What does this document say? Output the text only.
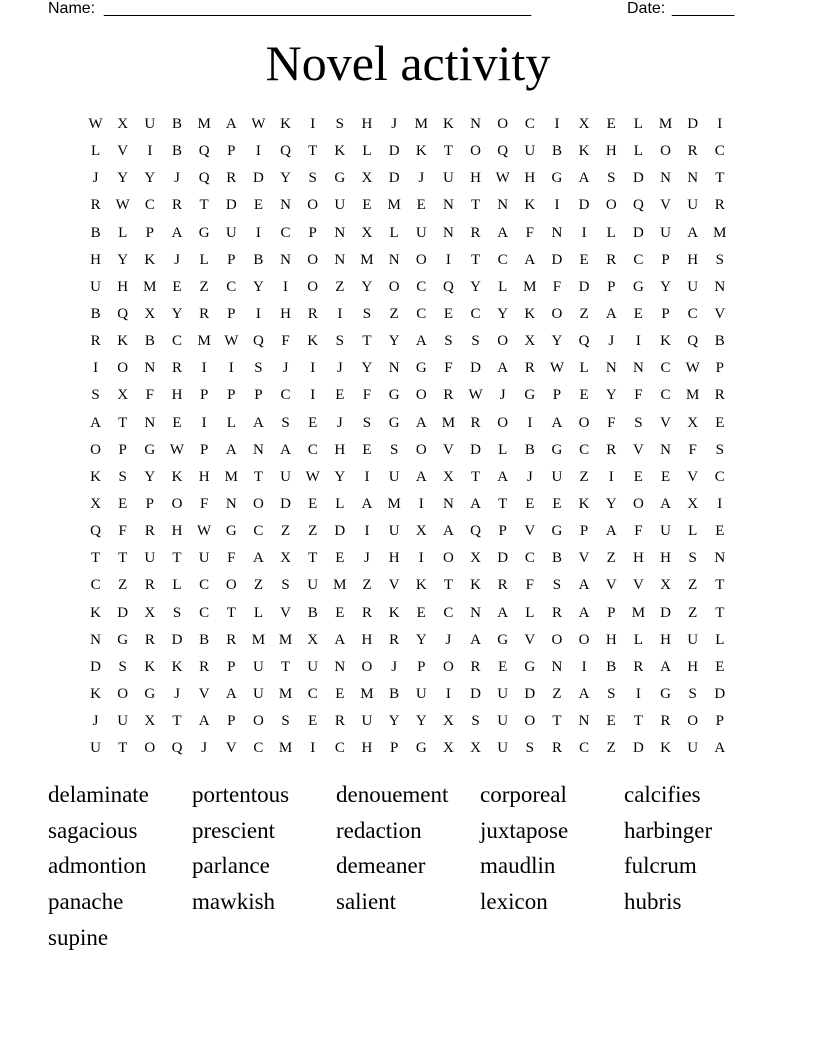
Name: ________________________________________________	Date: _______
Novel activity
W X	U	B	M	A W K	I	S	H	J	M	K	N	O	C	I	X	E	L	M	D	I
L	V	I	B	Q	P	I	Q	T	K	L	D	K	T	O	Q	U	B	K	H	L	O	R	C
J	Y	Y	J	Q	R	D	Y	S	G	X	D	J	U	H W H	G	A	S	D	N	N	T
R	W	C	R	T	D	E	N	O	U	E	M	E	N	T	N	K	I	D	O	Q	V	U	R
B	L	P	A	G	U	I	C	P	N	X	L	U	N	R	A	F	N	I	L	D	U	A	M
H	Y	K	J	L	P	B	N	O	N	M	N	O	I	T	C	A	D	E	R	C	P	H	S
U	H	M	E	Z	C	Y	I	O	Z	Y	O	C	Q	Y	L	M	F	D	P	G	Y	U	N
B	Q	X	Y	R	P	I	H	R	I	S	Z	C	E	C	Y	K	O	Z	A	E	P	C	V
R	K	B	C	M W Q	F	K	S	T	Y	A	S	S	O	X	Y	Q	J	I	K	Q	B
I	O	N	R	I	I	S	J	I	J	Y	N	G	F	D	A	R	W	L	N	N	C	W	P
S	X	F	H	P	P	P	C	I	E	F	G	O	R	W	J	G	P	E	Y	F	C	M	R
A	T	N	E	I	L	A	S	E	J	S	G	A	M	R	O	I	A	O	F	S	V	X	E
O	P	G W	P	A	N	A	C	H	E	S	O	V	D	L	B	G	C	R	V	N	F	S
K	S	Y	K	H	M	T	U W Y	I	U	A	X	T	A	J	U	Z	I	E	E	V	C
X	E	P	O	F	N	O	D	E	L	A	M	I	N	A	T	E	E	K	Y	O	A	X	I
Q	F	R	H W G	C	Z	Z	D	I	U	X	A	Q	P	V	G	P	A	F	U	L	E
T	T	U	T	U	F	A	X	T	E	J	H	I	O	X	D	C	B	V	Z	H	H	S	N
C	Z	R	L	C	O	Z	S	U	M	Z	V	K	T	K	R	F	S	A	V	V	X	Z	T
K	D	X	S	C	T	L	V	B	E	R	K	E	C	N	A	L	R	A	P	M	D	Z	T
N	G	R	D	B	R	M M	X	A	H	R	Y	J	A	G	V	O	O	H	L	H	U	L
D	S	K	K	R	P	U	T	U	N	O	J	P	O	R	E	G	N	I	B	R	A	H	E
K	O	G	J	V	A	U	M	C	E	M	B	U	I	D	U	D	Z	A	S	I	G	S	D
J	U	X	T	A	P	O	S	E	R	U	Y	Y	X	S	U	O	T	N	E	T	R	O	P
U	T	O	Q	J	V	C	M	I	C	H	P	G	X	X	U	S	R	C	Z	D	K	U	A
delaminate	portentous	denouement	corporeal	calcifies
sagacious	prescient	redaction	juxtapose	harbinger
admontion	parlance	demeaner	maudlin	fulcrum
panache	mawkish	salient	lexicon	hubris
supine
